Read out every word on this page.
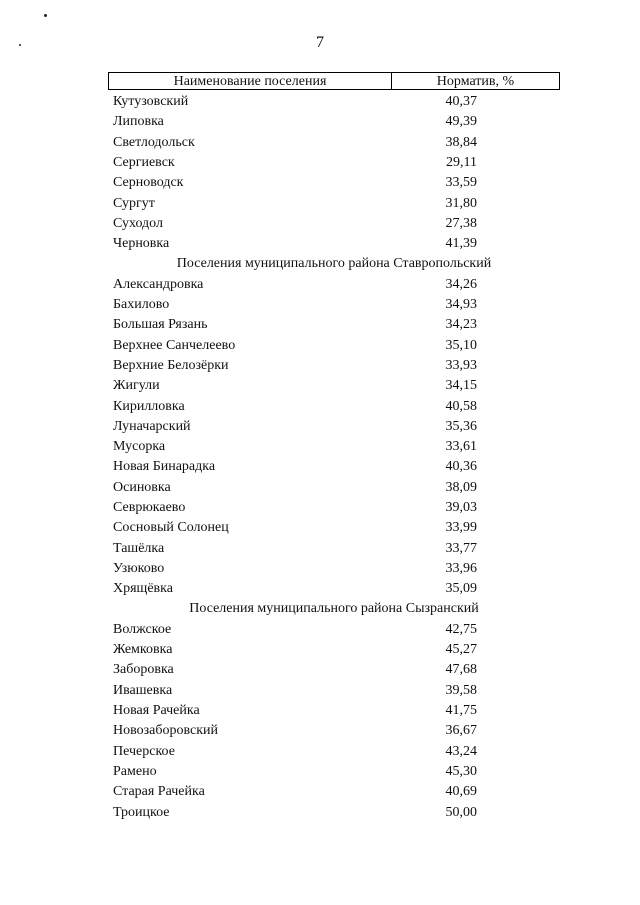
7
Наименование поселения	Норматив, %
Кутузовский	40,37
Липовка	49,39
Светлодольск	38,84
Сергиевск	29,11
Серноводск	33,59
Сургут	31,80
Суходол	27,38
Черновка	41,39
Поселения муниципального района Ставропольский
Александровка	34,26
Бахилово	34,93
Большая Рязань	34,23
Верхнее Санчелеево	35,10
Верхние Белозёрки	33,93
Жигули	34,15
Кирилловка	40,58
Луначарский	35,36
Мусорка	33,61
Новая Бинарадка	40,36
Осиновка	38,09
Севрюкаево	39,03
Сосновый Солонец	33,99
Ташёлка	33,77
Узюково	33,96
Хрящёвка	35,09
Поселения муниципального района Сызранский
Волжское	42,75
Жемковка	45,27
Заборовка	47,68
Ивашевка	39,58
Новая Рачейка	41,75
Новозаборовский	36,67
Печерское	43,24
Рамено	45,30
Старая Рачейка	40,69
Троицкое	50,00
